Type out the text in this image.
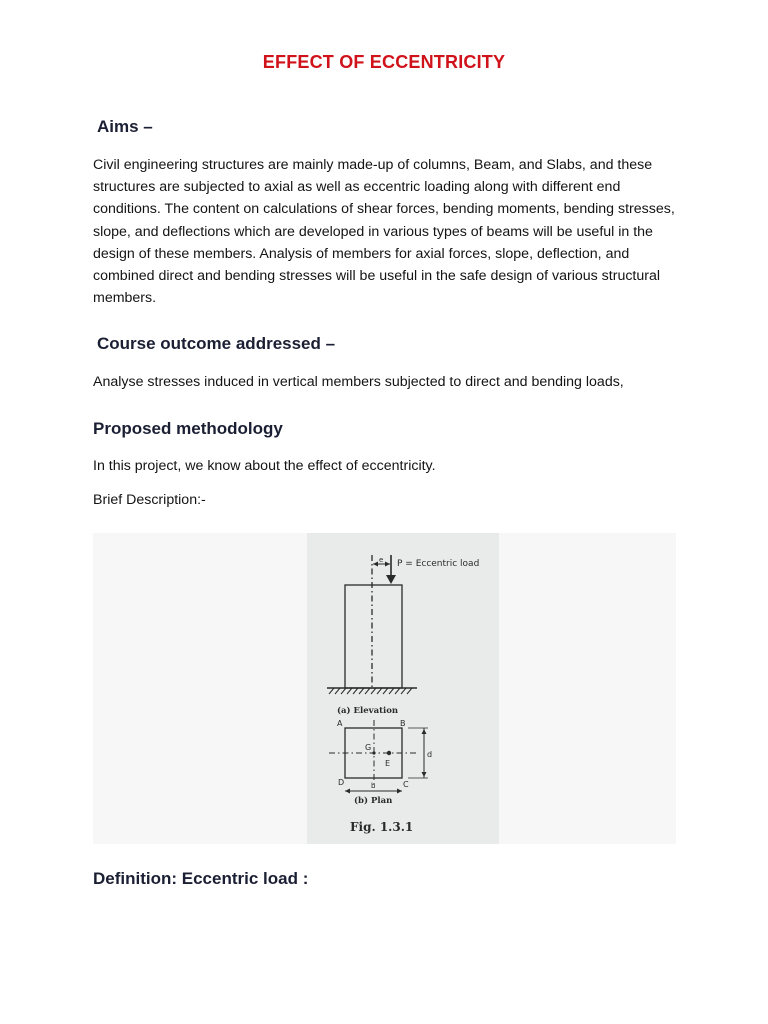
EFFECT OF ECCENTRICITY
Aims –
Civil engineering structures are mainly made-up of columns, Beam, and Slabs, and these structures are subjected to axial as well as eccentric loading along with different end conditions. The content on calculations of shear forces, bending moments, bending stresses, slope, and deflections which are developed in various types of beams will be useful in the design of these members. Analysis of members for axial forces, slope, deflection, and combined direct and bending stresses will be useful in the safe design of various structural members.
Course outcome addressed –
Analyse stresses induced in vertical members subjected to direct and bending loads,
Proposed methodology
In this project, we know about the effect of eccentricity.
Brief Description:-
P = Eccentric load
e
(a) Elevation
A	B
C
D
G
E
d
b
(b) Plan
Fig. 1.3.1
Definition: Eccentric load :
